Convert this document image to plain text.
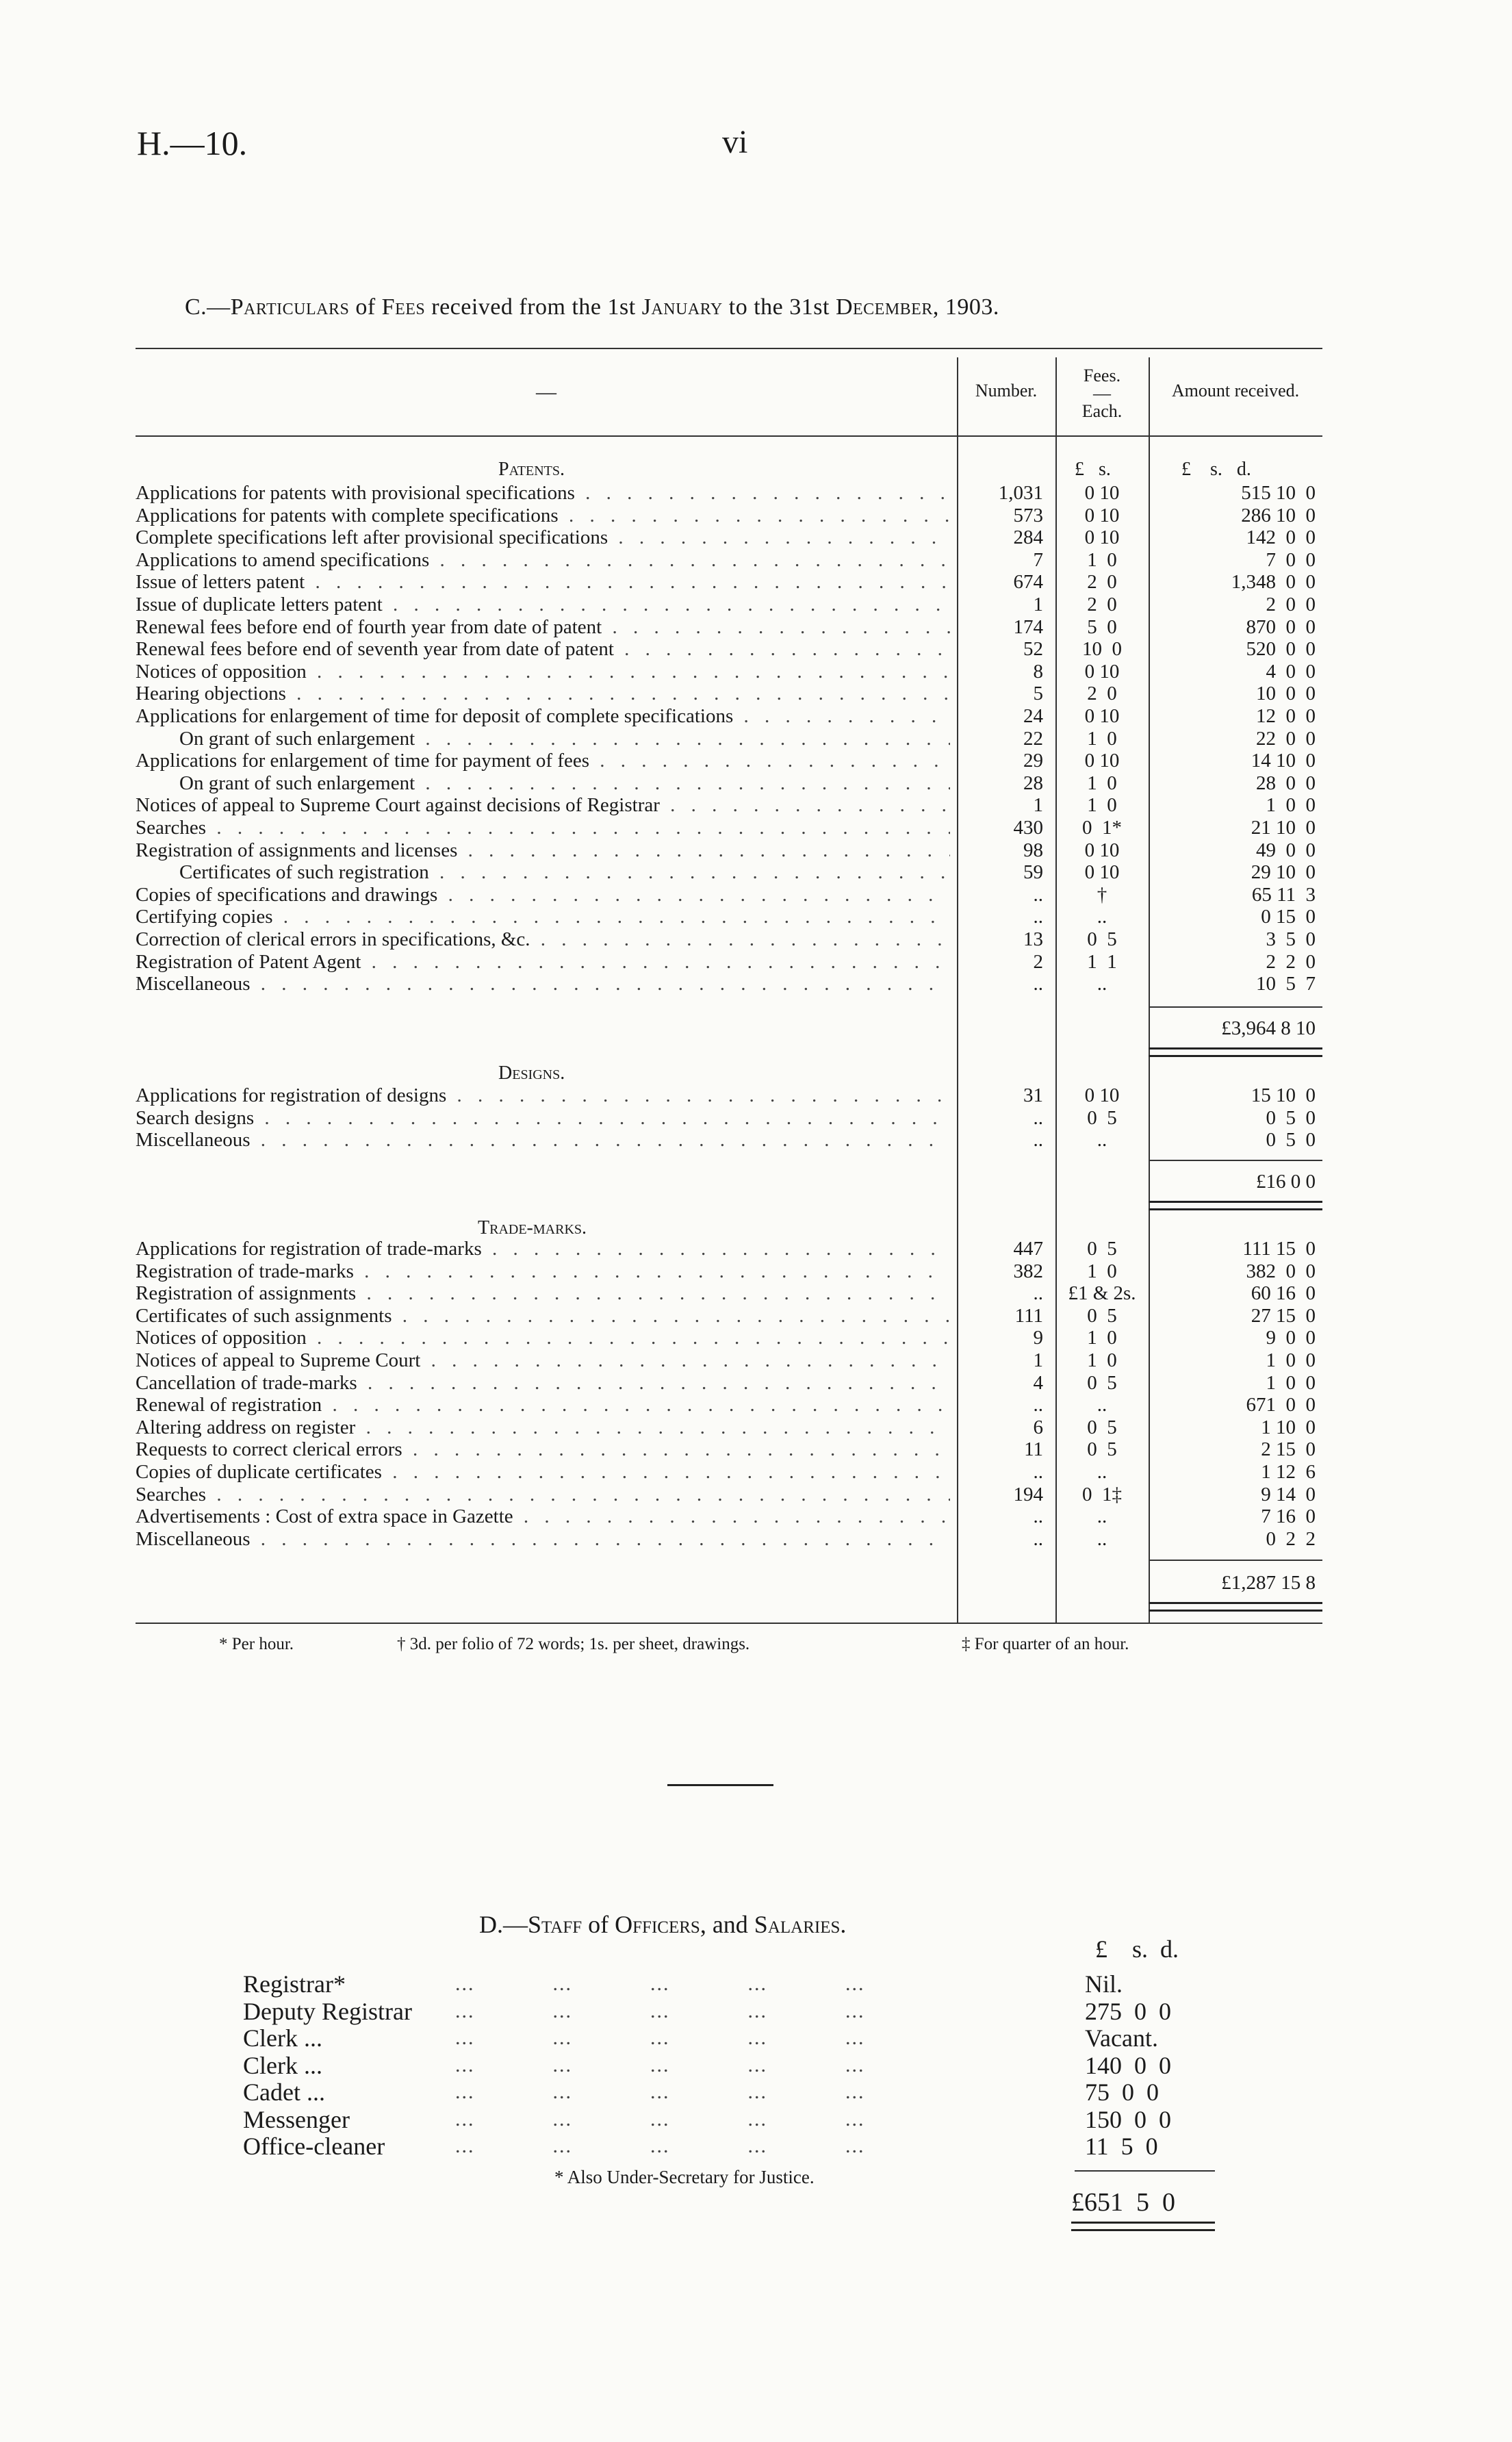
H.—10.	vi
C.—Particulars of Fees received from the 1st January to the 31st December, 1903.
—	Number.
Fees.
—
Each.
Amount received.
Patents.	£   s.	£    s.   d.
Applications for patents with provisional specifications . . .	1,031	0 10	515 10  0
Applications for patents with complete specifications . . .	573	0 10	286 10  0
Complete specifications left after provisional specifications . . .	284	0 10	142  0  0
Applications to amend specifications . . .	7	1  0	7  0  0
Issue of letters patent . . .	674	2  0	1,348  0  0
Issue of duplicate letters patent . . .	1	2  0	2  0  0
Renewal fees before end of fourth year from date of patent . . .	174	5  0	870  0  0
Renewal fees before end of seventh year from date of patent . . .	52	10  0	520  0  0
Notices of opposition . . .	8	0 10	4  0  0
Hearing objections . . .	5	2  0	10  0  0
Applications for enlargement of time for deposit of complete specifications . . .	24	0 10	12  0  0
On grant of such enlargement . . .	22	1  0	22  0  0
Applications for enlargement of time for payment of fees . . .	29	0 10	14 10  0
On grant of such enlargement . . .	28	1  0	28  0  0
Notices of appeal to Supreme Court against decisions of Registrar . . .	1	1  0	1  0  0
Searches . . .	430	0  1*	21 10  0
Registration of assignments and licenses . . .	98	0 10	49  0  0
Certificates of such registration . . .	59	0 10	29 10  0
Copies of specifications and drawings . . .	..	†	65 11  3
Certifying copies . . .	..	..	0 15  0
Correction of clerical errors in specifications, &c. . . .	13	0  5	3  5  0
Registration of Patent Agent . . .	2	1  1	2  2  0
Miscellaneous . . .	..	..	10  5  7
£3,964 8 10
Designs.
Applications for registration of designs . . .	31	0 10	15 10  0
Search designs . . .	..	0  5	0  5  0
Miscellaneous . . .	..	..	0  5  0
£16 0 0
Trade-marks.
Applications for registration of trade-marks . . .	447	0  5	111 15  0
Registration of trade-marks . . .	382	1  0	382  0  0
Registration of assignments . . .	..	£1 & 2s.	60 16  0
Certificates of such assignments . . .	111	0  5	27 15  0
Notices of opposition . . .	9	1  0	9  0  0
Notices of appeal to Supreme Court . . .	1	1  0	1  0  0
Cancellation of trade-marks . . .	4	0  5	1  0  0
Renewal of registration . . .	..	..	671  0  0
Altering address on register . . .	6	0  5	1 10  0
Requests to correct clerical errors . . .	11	0  5	2 15  0
Copies of duplicate certificates . . .	..	..	1 12  6
Searches . . .	194	0  1‡	9 14  0
Advertisements : Cost of extra space in Gazette . . .	..	..	7 16  0
Miscellaneous . . .	..	..	0  2  2
£1,287 15 8
* Per hour.	† 3d. per folio of 72 words; 1s. per sheet, drawings.	‡ For quarter of an hour.
D.—Staff of Officers, and Salaries.
£    s.  d.
Registrar*	...            ...            ...            ...            ...	Nil.
Deputy Registrar ...            ...            ...            ...            ...	275  0  0
Clerk ...	...            ...            ...            ...            ...	Vacant.
Clerk ...	...            ...            ...            ...            ...	140  0  0
Cadet ...	...            ...            ...            ...            ...	75  0  0
Messenger	...            ...            ...            ...            ...	150  0  0
Office-cleaner	...            ...            ...            ...            ...	11  5  0
* Also Under-Secretary for Justice.
£651  5  0
